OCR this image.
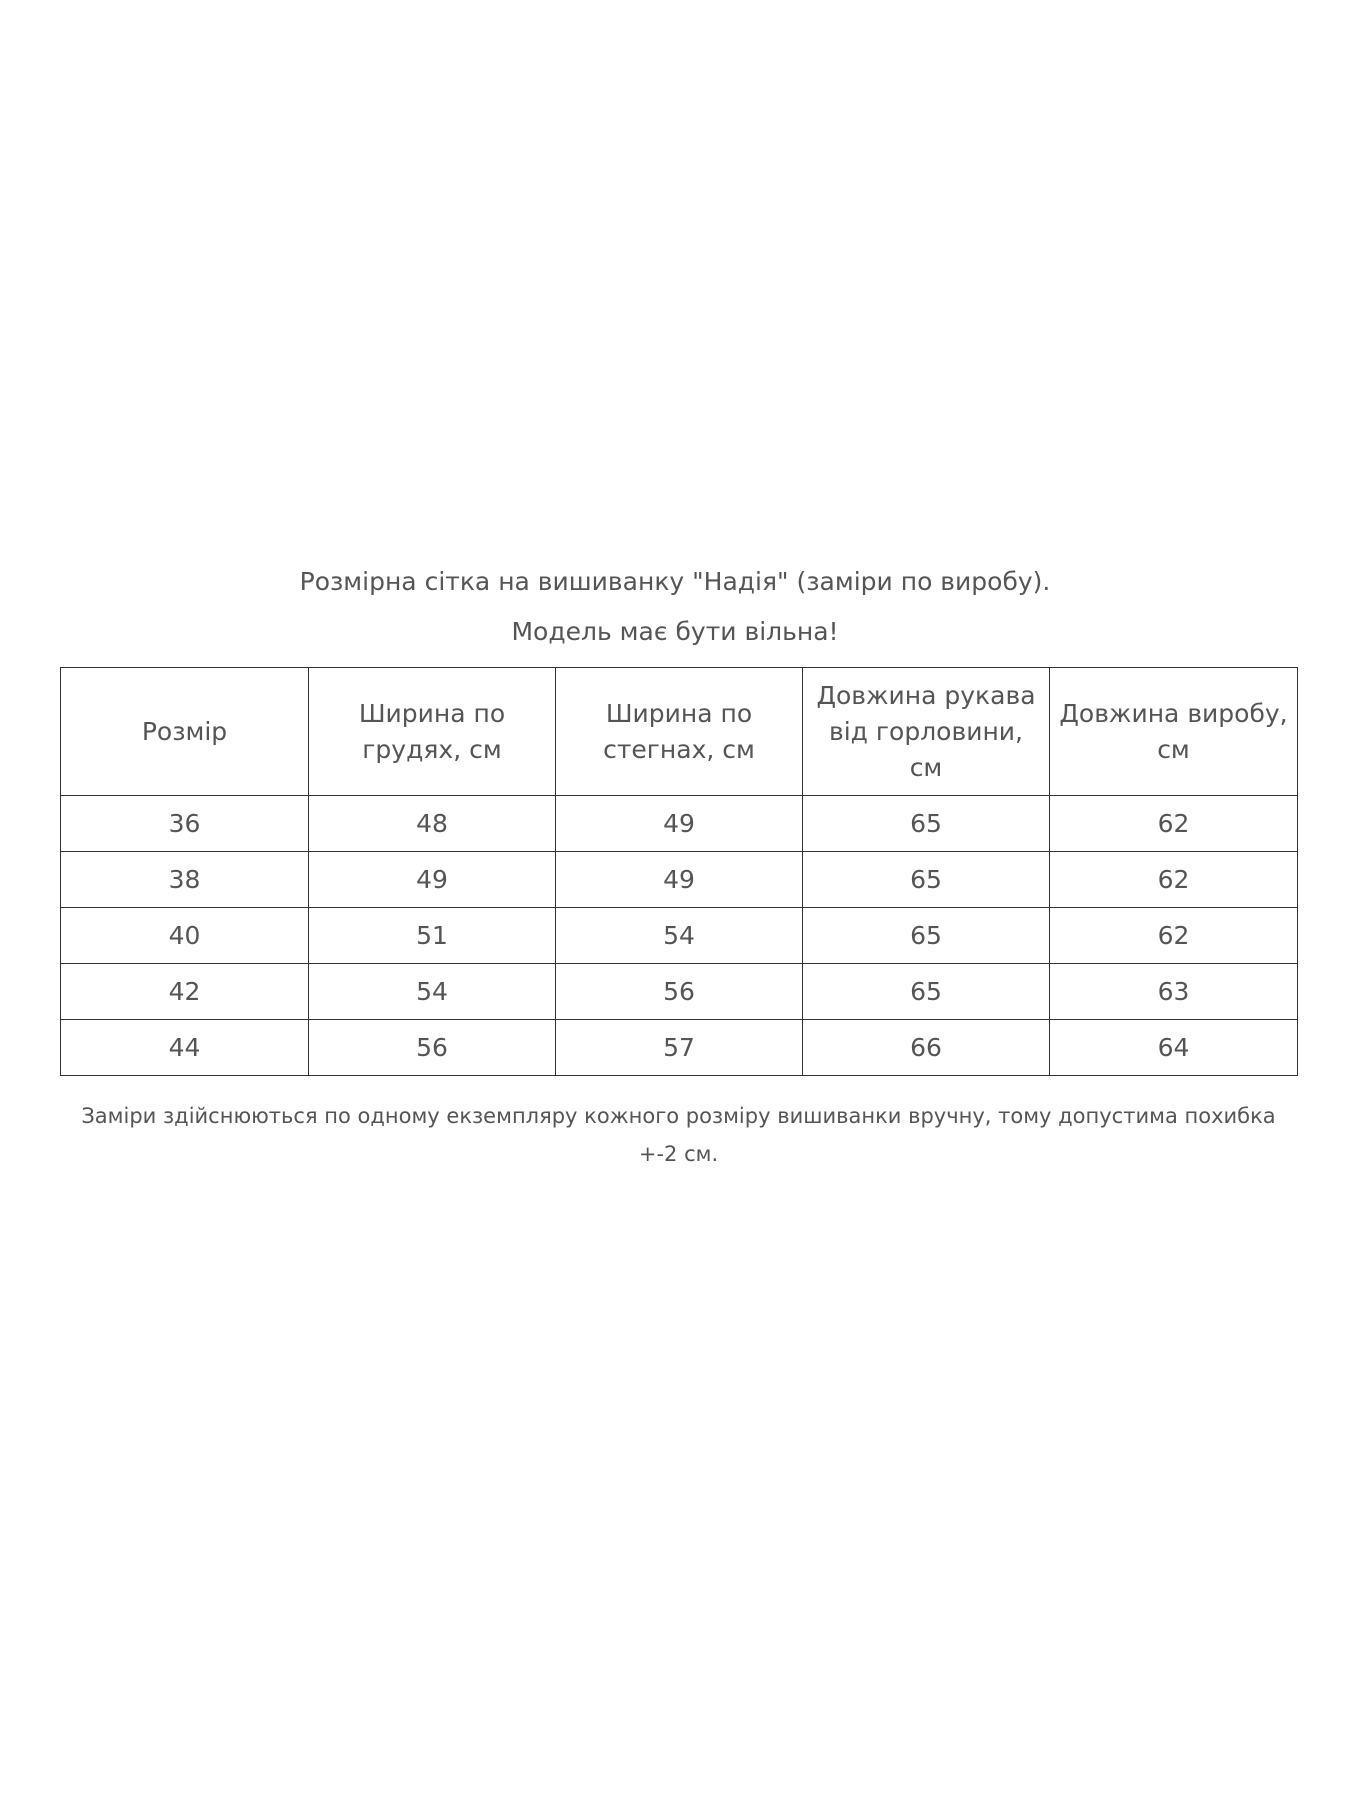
Розмірна сітка на вишиванку "Надія" (заміри по виробу).
Модель має бути вільна!
Розмір	Ширина по грудях, см	Ширина по стегнах, см	Довжина рукава від горловини, см	Довжина виробу, см
36	48	49	65	62
38	49	49	65	62
40	51	54	65	62
42	54	56	65	63
44	56	57	66	64

Заміри здійснюються по одному екземпляру кожного розміру вишиванки вручну, тому допустима похибка +-2 см.
